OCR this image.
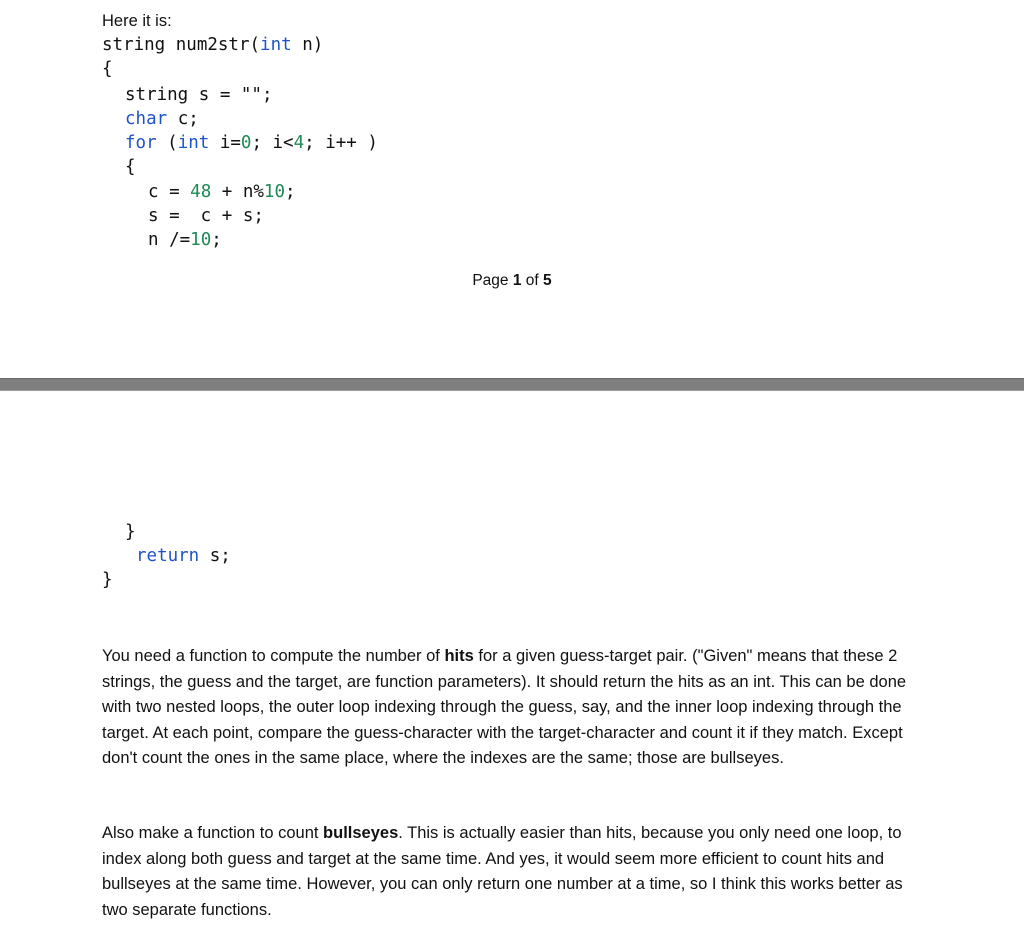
Here it is:
string num2str(int n)
{
string s = "";
char c;
for (int i=0; i<4; i++ )
{
c = 48 + n%10;
s =  c + s;
n /=10;
Page 1 of 5
}
return s;
}

You need a function to compute the number of hits for a given guess-target pair. ("Given" means that these 2 strings, the guess and the target, are function parameters). It should return the hits as an int. This can be done with two nested loops, the outer loop indexing through the guess, say, and the inner loop indexing through the target. At each point, compare the guess-character with the target-character and count it if they match. Except don't count the ones in the same place, where the indexes are the same; those are bullseyes.

Also make a function to count bullseyes. This is actually easier than hits, because you only need one loop, to index along both guess and target at the same time. And yes, it would seem more efficient to count hits and bullseyes at the same time. However, you can only return one number at a time, so I think this works better as two separate functions.
